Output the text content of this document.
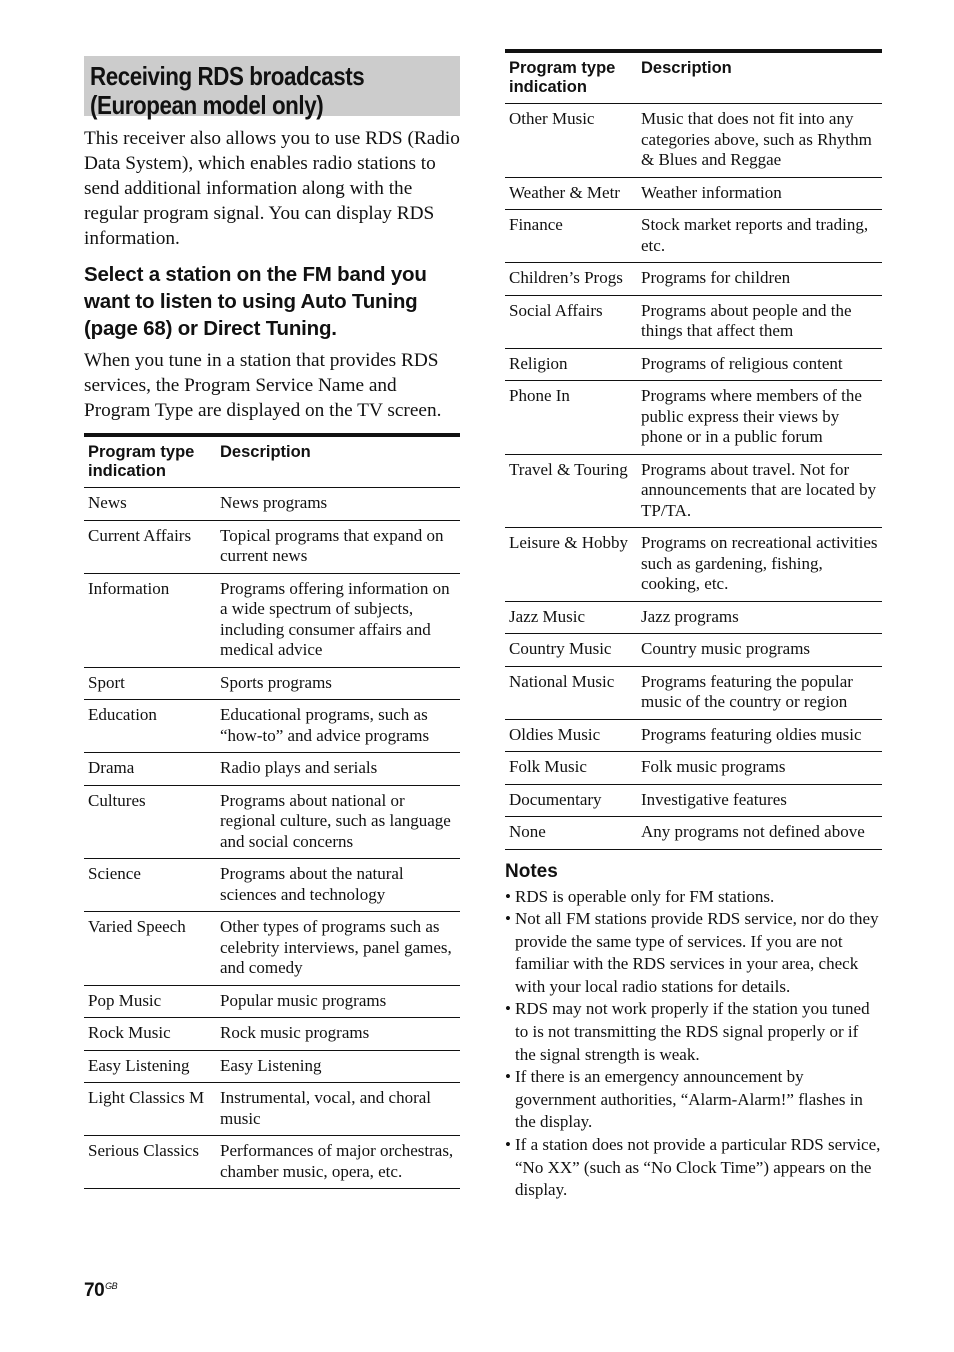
Receiving RDS broadcasts
(European model only)

This receiver also allows you to use RDS (Radio Data System), which enables radio stations to send additional information along with the regular program signal. You can display RDS information.

Select a station on the FM band you want to listen to using Auto Tuning (page 68) or Direct Tuning.

When you tune in a station that provides RDS services, the Program Service Name and Program Type are displayed on the TV screen.

Program type
indication	Description
News	News programs
Current Affairs	Topical programs that expand on current news
Information	Programs offering information on a wide spectrum of subjects, including consumer affairs and medical advice
Sport	Sports programs
Education	Educational programs, such as “how-to” and advice programs
Drama	Radio plays and serials
Cultures	Programs about national or regional culture, such as language and social concerns
Science	Programs about the natural sciences and technology
Varied Speech	Other types of programs such as celebrity interviews, panel games, and comedy
Pop Music	Popular music programs
Rock Music	Rock music programs
Easy Listening	Easy Listening
Light Classics M	Instrumental, vocal, and choral music
Serious Classics	Performances of major orchestras, chamber music, opera, etc.
Program type
indication	Description
Other Music	Music that does not fit into any categories above, such as Rhythm & Blues and Reggae
Weather & Metr	Weather information
Finance	Stock market reports and trading, etc.
Children’s Progs	Programs for children
Social Affairs	Programs about people and the things that affect them
Religion	Programs of religious content
Phone In	Programs where members of the public express their views by phone or in a public forum
Travel & Touring	Programs about travel. Not for announcements that are located by TP/TA.
Leisure & Hobby	Programs on recreational activities such as gardening, fishing, cooking, etc.
Jazz Music	Jazz programs
Country Music	Country music programs
National Music	Programs featuring the popular music of the country or region
Oldies Music	Programs featuring oldies music
Folk Music	Folk music programs
Documentary	Investigative features
None	Any programs not defined above
Notes
• RDS is operable only for FM stations.
• Not all FM stations provide RDS service, nor do they provide the same type of services. If you are not familiar with the RDS services in your area, check with your local radio stations for details.
• RDS may not work properly if the station you tuned to is not transmitting the RDS signal properly or if the signal strength is weak.
• If there is an emergency announcement by government authorities, “Alarm-Alarm!” flashes in the display.
• If a station does not provide a particular RDS service, “No XX” (such as “No Clock Time”) appears on the display.
$70^{GB}$
